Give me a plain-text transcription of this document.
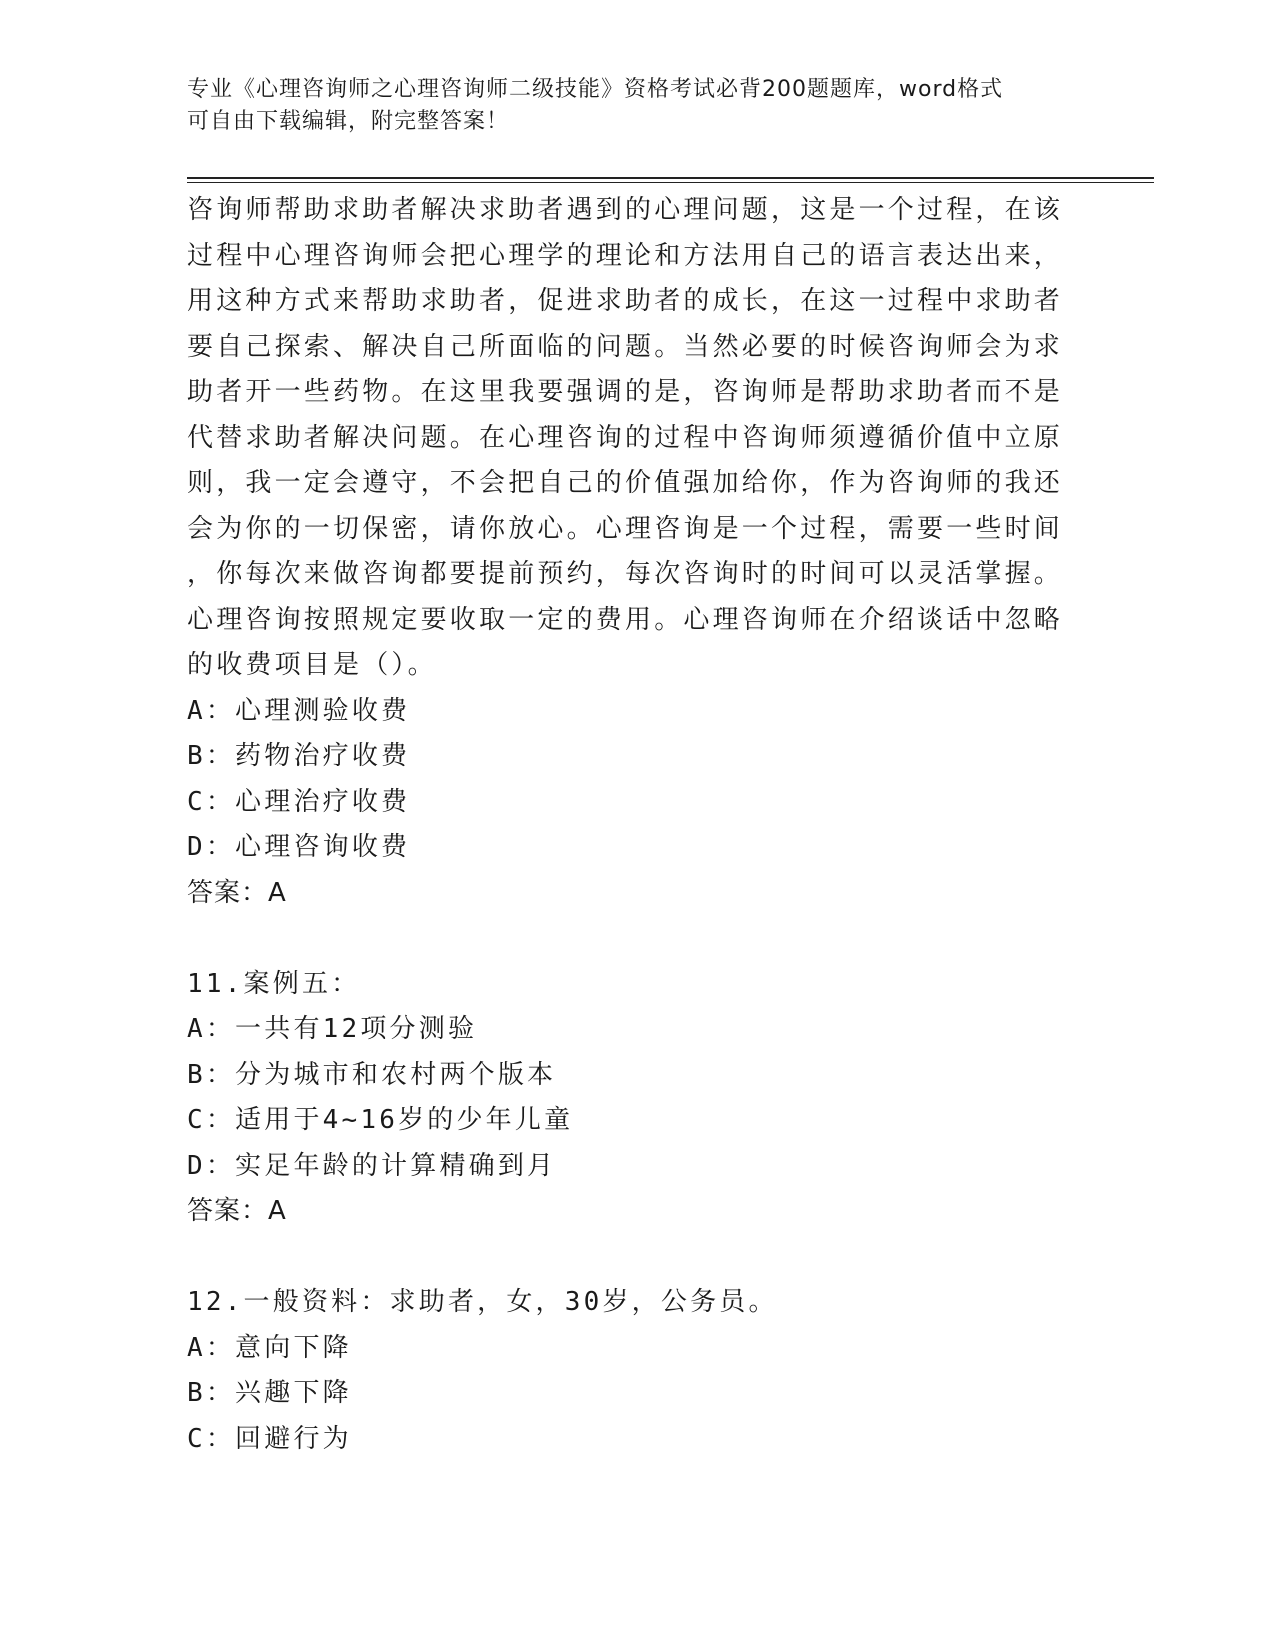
专业《心理咨询师之心理咨询师二级技能》资格考试必背200题题库，word格式
可自由下载编辑，附完整答案！
咨询师帮助求助者解决求助者遇到的心理问题，这是一个过程，在该
过程中心理咨询师会把心理学的理论和方法用自己的语言表达出来，
用这种方式来帮助求助者，促进求助者的成长，在这一过程中求助者
要自己探索、解决自己所面临的问题。当然必要的时候咨询师会为求
助者开一些药物。在这里我要强调的是，咨询师是帮助求助者而不是
代替求助者解决问题。在心理咨询的过程中咨询师须遵循价值中立原
则，我一定会遵守，不会把自己的价值强加给你，作为咨询师的我还
会为你的一切保密，请你放心。心理咨询是一个过程，需要一些时间
，你每次来做咨询都要提前预约，每次咨询时的时间可以灵活掌握。
心理咨询按照规定要收取一定的费用。心理咨询师在介绍谈话中忽略
的收费项目是（）。
A：心理测验收费
B：药物治疗收费
C：心理治疗收费
D：心理咨询收费
答案：A
11.案例五：
A：一共有12项分测验
B：分为城市和农村两个版本
C：适用于4~16岁的少年儿童
D：实足年龄的计算精确到月
答案：A
12.一般资料：求助者，女，30岁，公务员。
A：意向下降
B：兴趣下降
C：回避行为
